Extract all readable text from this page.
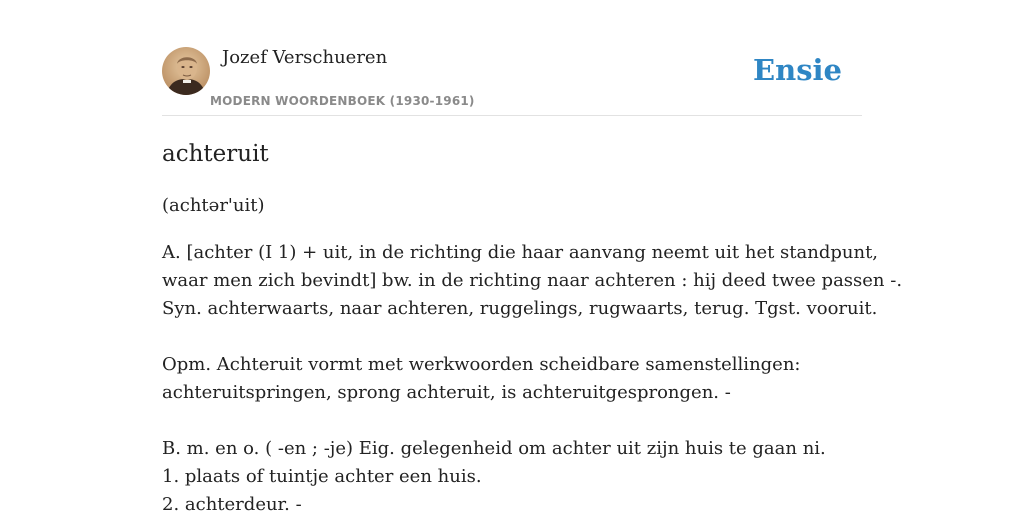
Jozef Verschueren
MODERN WOORDENBOEK (1930-1961)
Ensie
achteruit
(achtər'uit)
A. [achter (I 1) + uit, in de richting die haar aanvang neemt uit het standpunt,
waar men zich bevindt] bw. in de richting naar achteren : hij deed twee passen -.
Syn. achterwaarts, naar achteren, ruggelings, rugwaarts, terug. Tgst. vooruit.
Opm. Achteruit vormt met werkwoorden scheidbare samenstellingen:
achteruitspringen, sprong achteruit, is achteruitgesprongen. -
B. m. en o. ( -en ; -je) Eig. gelegenheid om achter uit zijn huis te gaan ni.
1. plaats of tuintje achter een huis.
2. achterdeur. -
